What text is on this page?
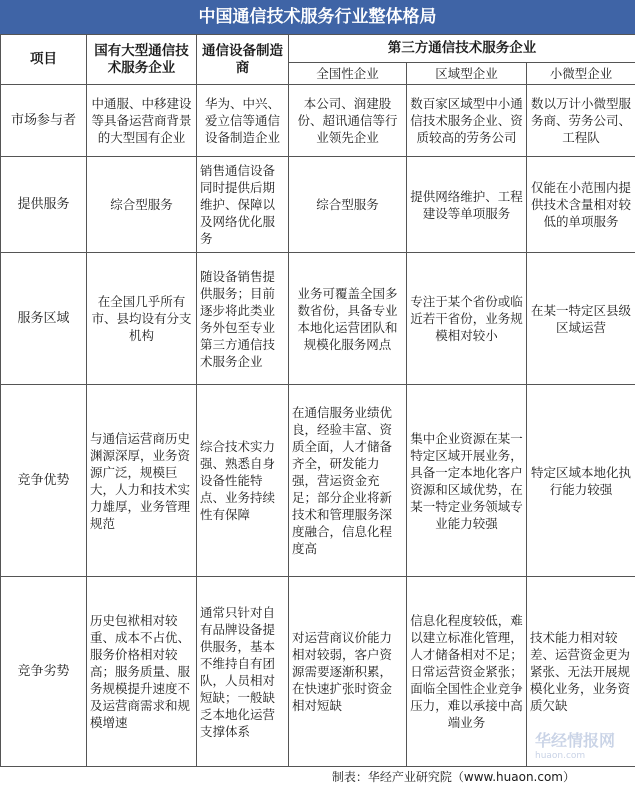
中国通信技术服务行业整体格局
项目	国有大型通信技术服务企业	通信设备制造商	第三方通信技术服务企业		
			全国性企业	区域型企业	小微型企业
市场参与者	中通服、中移建设等具备运营商背景的大型国有企业	华为、中兴、爱立信等通信设备制造企业	本公司、润建股份、超讯通信等行业领先企业	数百家区域型中小通信技术服务企业、资质较高的劳务公司	数以万计小微型服务商、劳务公司、工程队
提供服务	综合型服务	销售通信设备同时提供后期维护、保障以及网络优化服务	综合型服务	提供网络维护、工程建设等单项服务	仅能在小范围内提供技术含量相对较低的单项服务
服务区域	在全国几乎所有市、县均设有分支机构	随设备销售提供服务；目前逐步将此类业务外包至专业第三方通信技术服务企业	业务可覆盖全国多数省份，具备专业本地化运营团队和规模化服务网点	专注于某个省份或临近若干省份，业务规模相对较小	在某一特定区县级区域运营
竞争优势	与通信运营商历史渊源深厚，业务资源广泛，规模巨大，人力和技术实力雄厚，业务管理规范	综合技术实力强、熟悉自身设备性能特点、业务持续性有保障	在通信服务业绩优良，经验丰富、资质全面，人才储备齐全，研发能力强，营运资金充足；部分企业将新技术和管理服务深度融合，信息化程度高	集中企业资源在某一特定区域开展业务，具备一定本地化客户资源和区域优势，在某一特定业务领域专业能力较强	特定区域本地化执行能力较强
竞争劣势	历史包袱相对较重、成本不占优、服务价格相对较高；服务质量、服务规模提升速度不及运营商需求和规模增速	通常只针对自有品牌设备提供服务，基本不维持自有团队，人员相对短缺；一般缺乏本地化运营支撑体系	对运营商议价能力相对较弱，客户资源需要逐渐积累，在快速扩张时资金相对短缺	信息化程度较低，难以建立标准化管理，人才储备相对不足；日常运营资金紧张；面临全国性企业竞争压力，难以承接中高端业务	技术能力相对较差、运营资金更为紧张、无法开展规模化业务，业务资质欠缺
华经情报网
huaon.com
制表：华经产业研究院（www.huaon.com）
